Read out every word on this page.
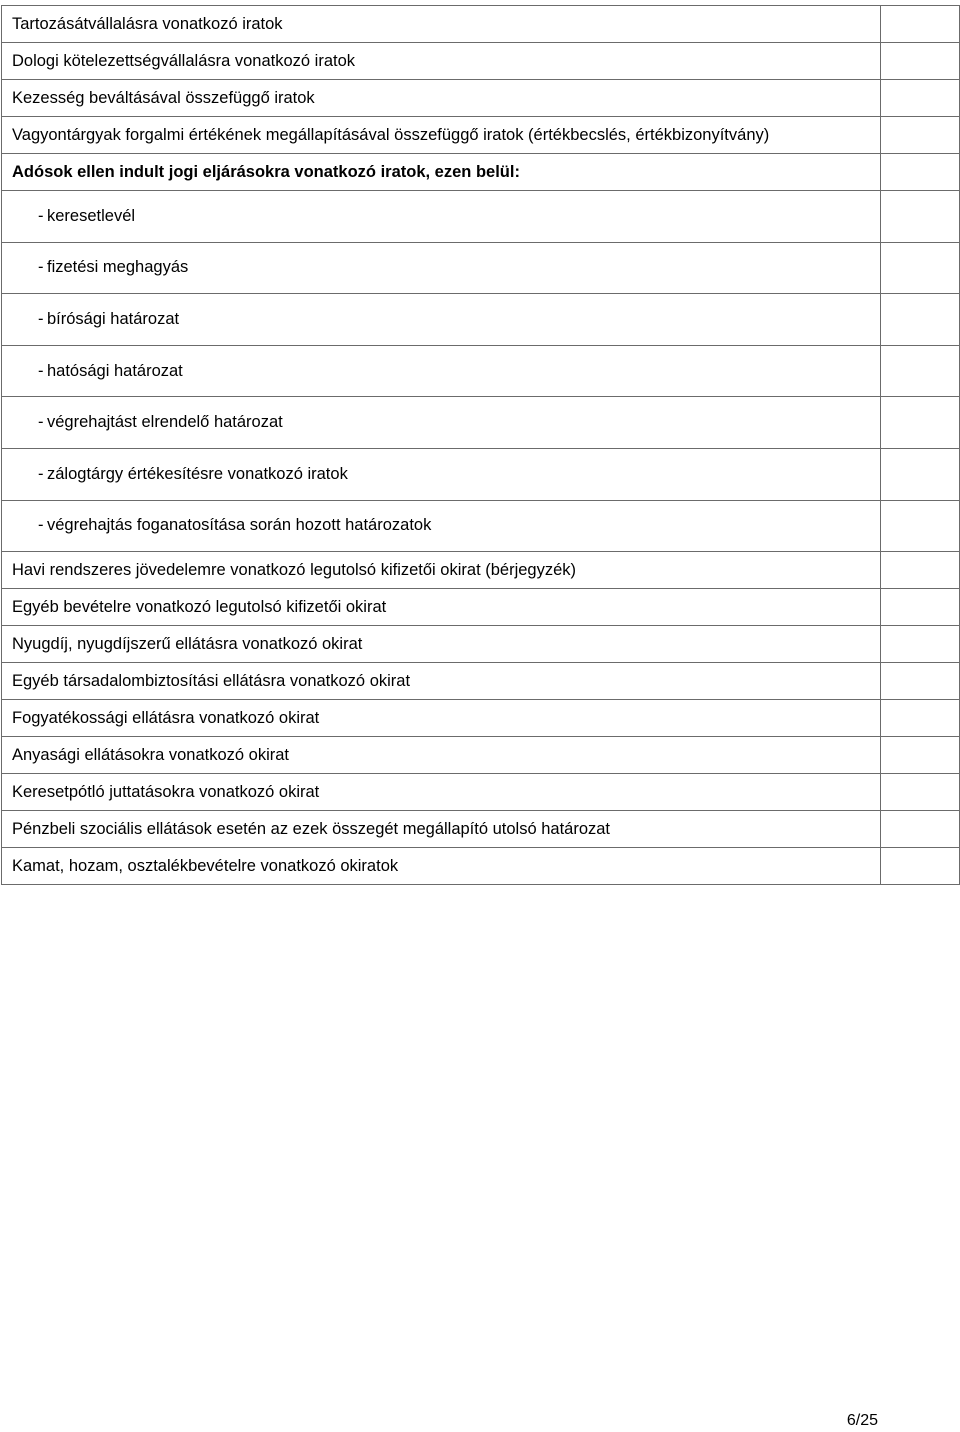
Tartozásátvállalásra vonatkozó iratok	
Dologi kötelezettségvállalásra vonatkozó iratok	
Kezesség beváltásával összefüggő iratok	
Vagyontárgyak forgalmi értékének megállapításával összefüggő iratok (értékbecslés, értékbizonyítvány)	
Adósok ellen indult jogi eljárásokra vonatkozó iratok, ezen belül:	

- keresetlevél	

- fizetési meghagyás	

- bírósági határozat	

- hatósági határozat	

- végrehajtást elrendelő határozat	

- zálogtárgy értékesítésre vonatkozó iratok	

- végrehajtás foganatosítása során hozott határozatok	

Havi rendszeres jövedelemre vonatkozó legutolsó kifizetői okirat (bérjegyzék)	
Egyéb bevételre vonatkozó legutolsó kifizetői okirat	
Nyugdíj, nyugdíjszerű ellátásra vonatkozó okirat	
Egyéb társadalombiztosítási ellátásra vonatkozó okirat	
Fogyatékossági ellátásra vonatkozó okirat	
Anyasági ellátásokra vonatkozó okirat	
Keresetpótló juttatásokra vonatkozó okirat	
Pénzbeli szociális ellátások esetén az ezek összegét megállapító utolsó határozat	
Kamat, hozam, osztalékbevételre vonatkozó okiratok	
6/25
